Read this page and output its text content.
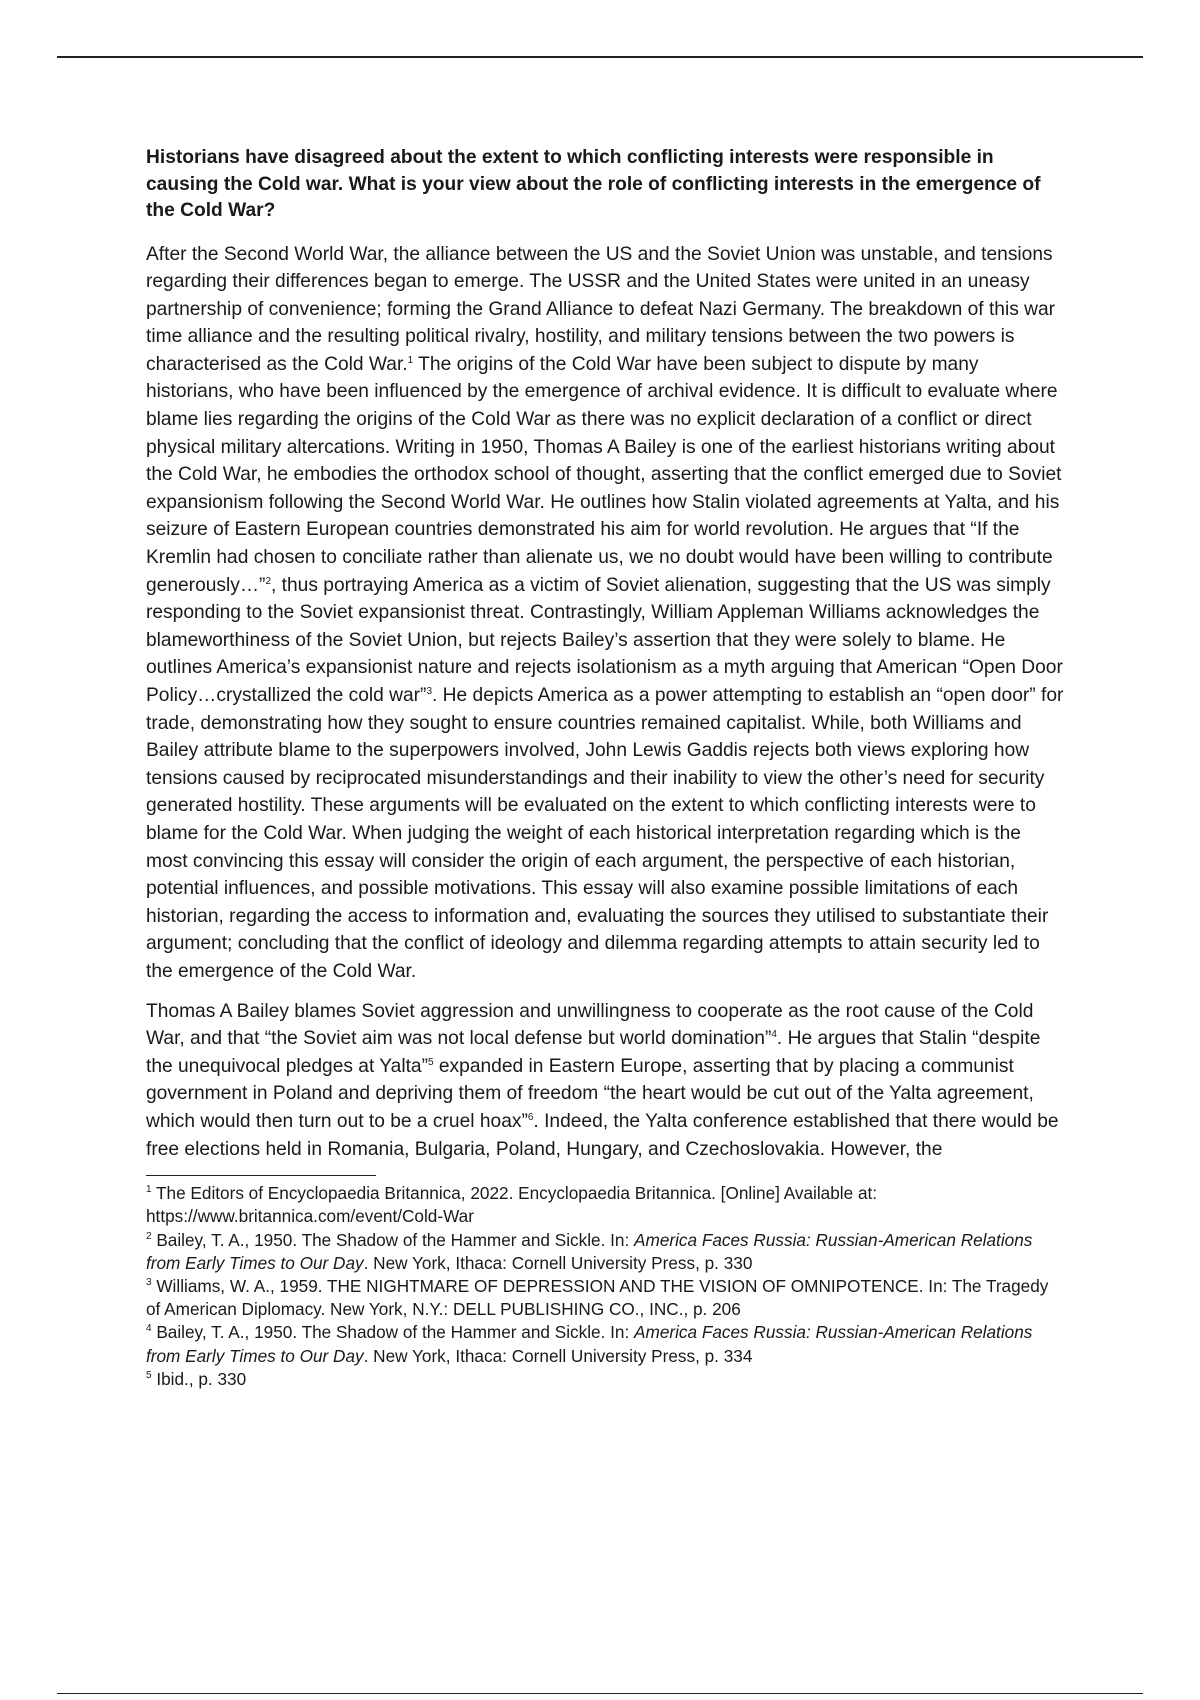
Historians have disagreed about the extent to which conflicting interests were responsible in causing the Cold war. What is your view about the role of conflicting interests in the emergence of the Cold War?

After the Second World War, the alliance between the US and the Soviet Union was unstable, and tensions regarding their differences began to emerge. The USSR and the United States were united in an uneasy partnership of convenience; forming the Grand Alliance to defeat Nazi Germany. The breakdown of this war time alliance and the resulting political rivalry, hostility, and military tensions between the two powers is characterised as the Cold War.$^1$ The origins of the Cold War have been subject to dispute by many historians, who have been influenced by the emergence of archival evidence. It is difficult to evaluate where blame lies regarding the origins of the Cold War as there was no explicit declaration of a conflict or direct physical military altercations. Writing in 1950, Thomas A Bailey is one of the earliest historians writing about the Cold War, he embodies the orthodox school of thought, asserting that the conflict emerged due to Soviet expansionism following the Second World War. He outlines how Stalin violated agreements at Yalta, and his seizure of Eastern European countries demonstrated his aim for world revolution. He argues that “If the Kremlin had chosen to conciliate rather than alienate us, we no doubt would have been willing to contribute generously…”$^2$, thus portraying America as a victim of Soviet alienation, suggesting that the US was simply responding to the Soviet expansionist threat. Contrastingly, William Appleman Williams acknowledges the blameworthiness of the Soviet Union, but rejects Bailey’s assertion that they were solely to blame. He outlines America’s expansionist nature and rejects isolationism as a myth arguing that American “Open Door Policy…crystallized the cold war”$^3$. He depicts America as a power attempting to establish an “open door” for trade, demonstrating how they sought to ensure countries remained capitalist. While, both Williams and Bailey attribute blame to the superpowers involved, John Lewis Gaddis rejects both views exploring how tensions caused by reciprocated misunderstandings and their inability to view the other’s need for security generated hostility. These arguments will be evaluated on the extent to which conflicting interests were to blame for the Cold War. When judging the weight of each historical interpretation regarding which is the most convincing this essay will consider the origin of each argument, the perspective of each historian, potential influences, and possible motivations. This essay will also examine possible limitations of each historian, regarding the access to information and, evaluating the sources they utilised to substantiate their argument; concluding that the conflict of ideology and dilemma regarding attempts to attain security led to the emergence of the Cold War.

Thomas A Bailey blames Soviet aggression and unwillingness to cooperate as the root cause of the Cold War, and that “the Soviet aim was not local defense but world domination”$^4$. He argues that Stalin “despite the unequivocal pledges at Yalta”$^5$ expanded in Eastern Europe, asserting that by placing a communist government in Poland and depriving them of freedom “the heart would be cut out of the Yalta agreement, which would then turn out to be a cruel hoax”$^6$. Indeed, the Yalta conference established that there would be free elections held in Romania, Bulgaria, Poland, Hungary, and Czechoslovakia. However, the

$^1$ The Editors of Encyclopaedia Britannica, 2022. Encyclopaedia Britannica. [Online] Available at: https://www.britannica.com/event/Cold-War

$^2$ Bailey, T. A., 1950. The Shadow of the Hammer and Sickle. In: America Faces Russia: Russian-American Relations from Early Times to Our Day. New York, Ithaca: Cornell University Press, p. 330

$^3$ Williams, W. A., 1959. THE NIGHTMARE OF DEPRESSION AND THE VISION OF OMNIPOTENCE. In: The Tragedy of American Diplomacy. New York, N.Y.: DELL PUBLISHING CO., INC., p. 206

$^4$ Bailey, T. A., 1950. The Shadow of the Hammer and Sickle. In: America Faces Russia: Russian-American Relations from Early Times to Our Day. New York, Ithaca: Cornell University Press, p. 334

$^5$ Ibid., p. 330
